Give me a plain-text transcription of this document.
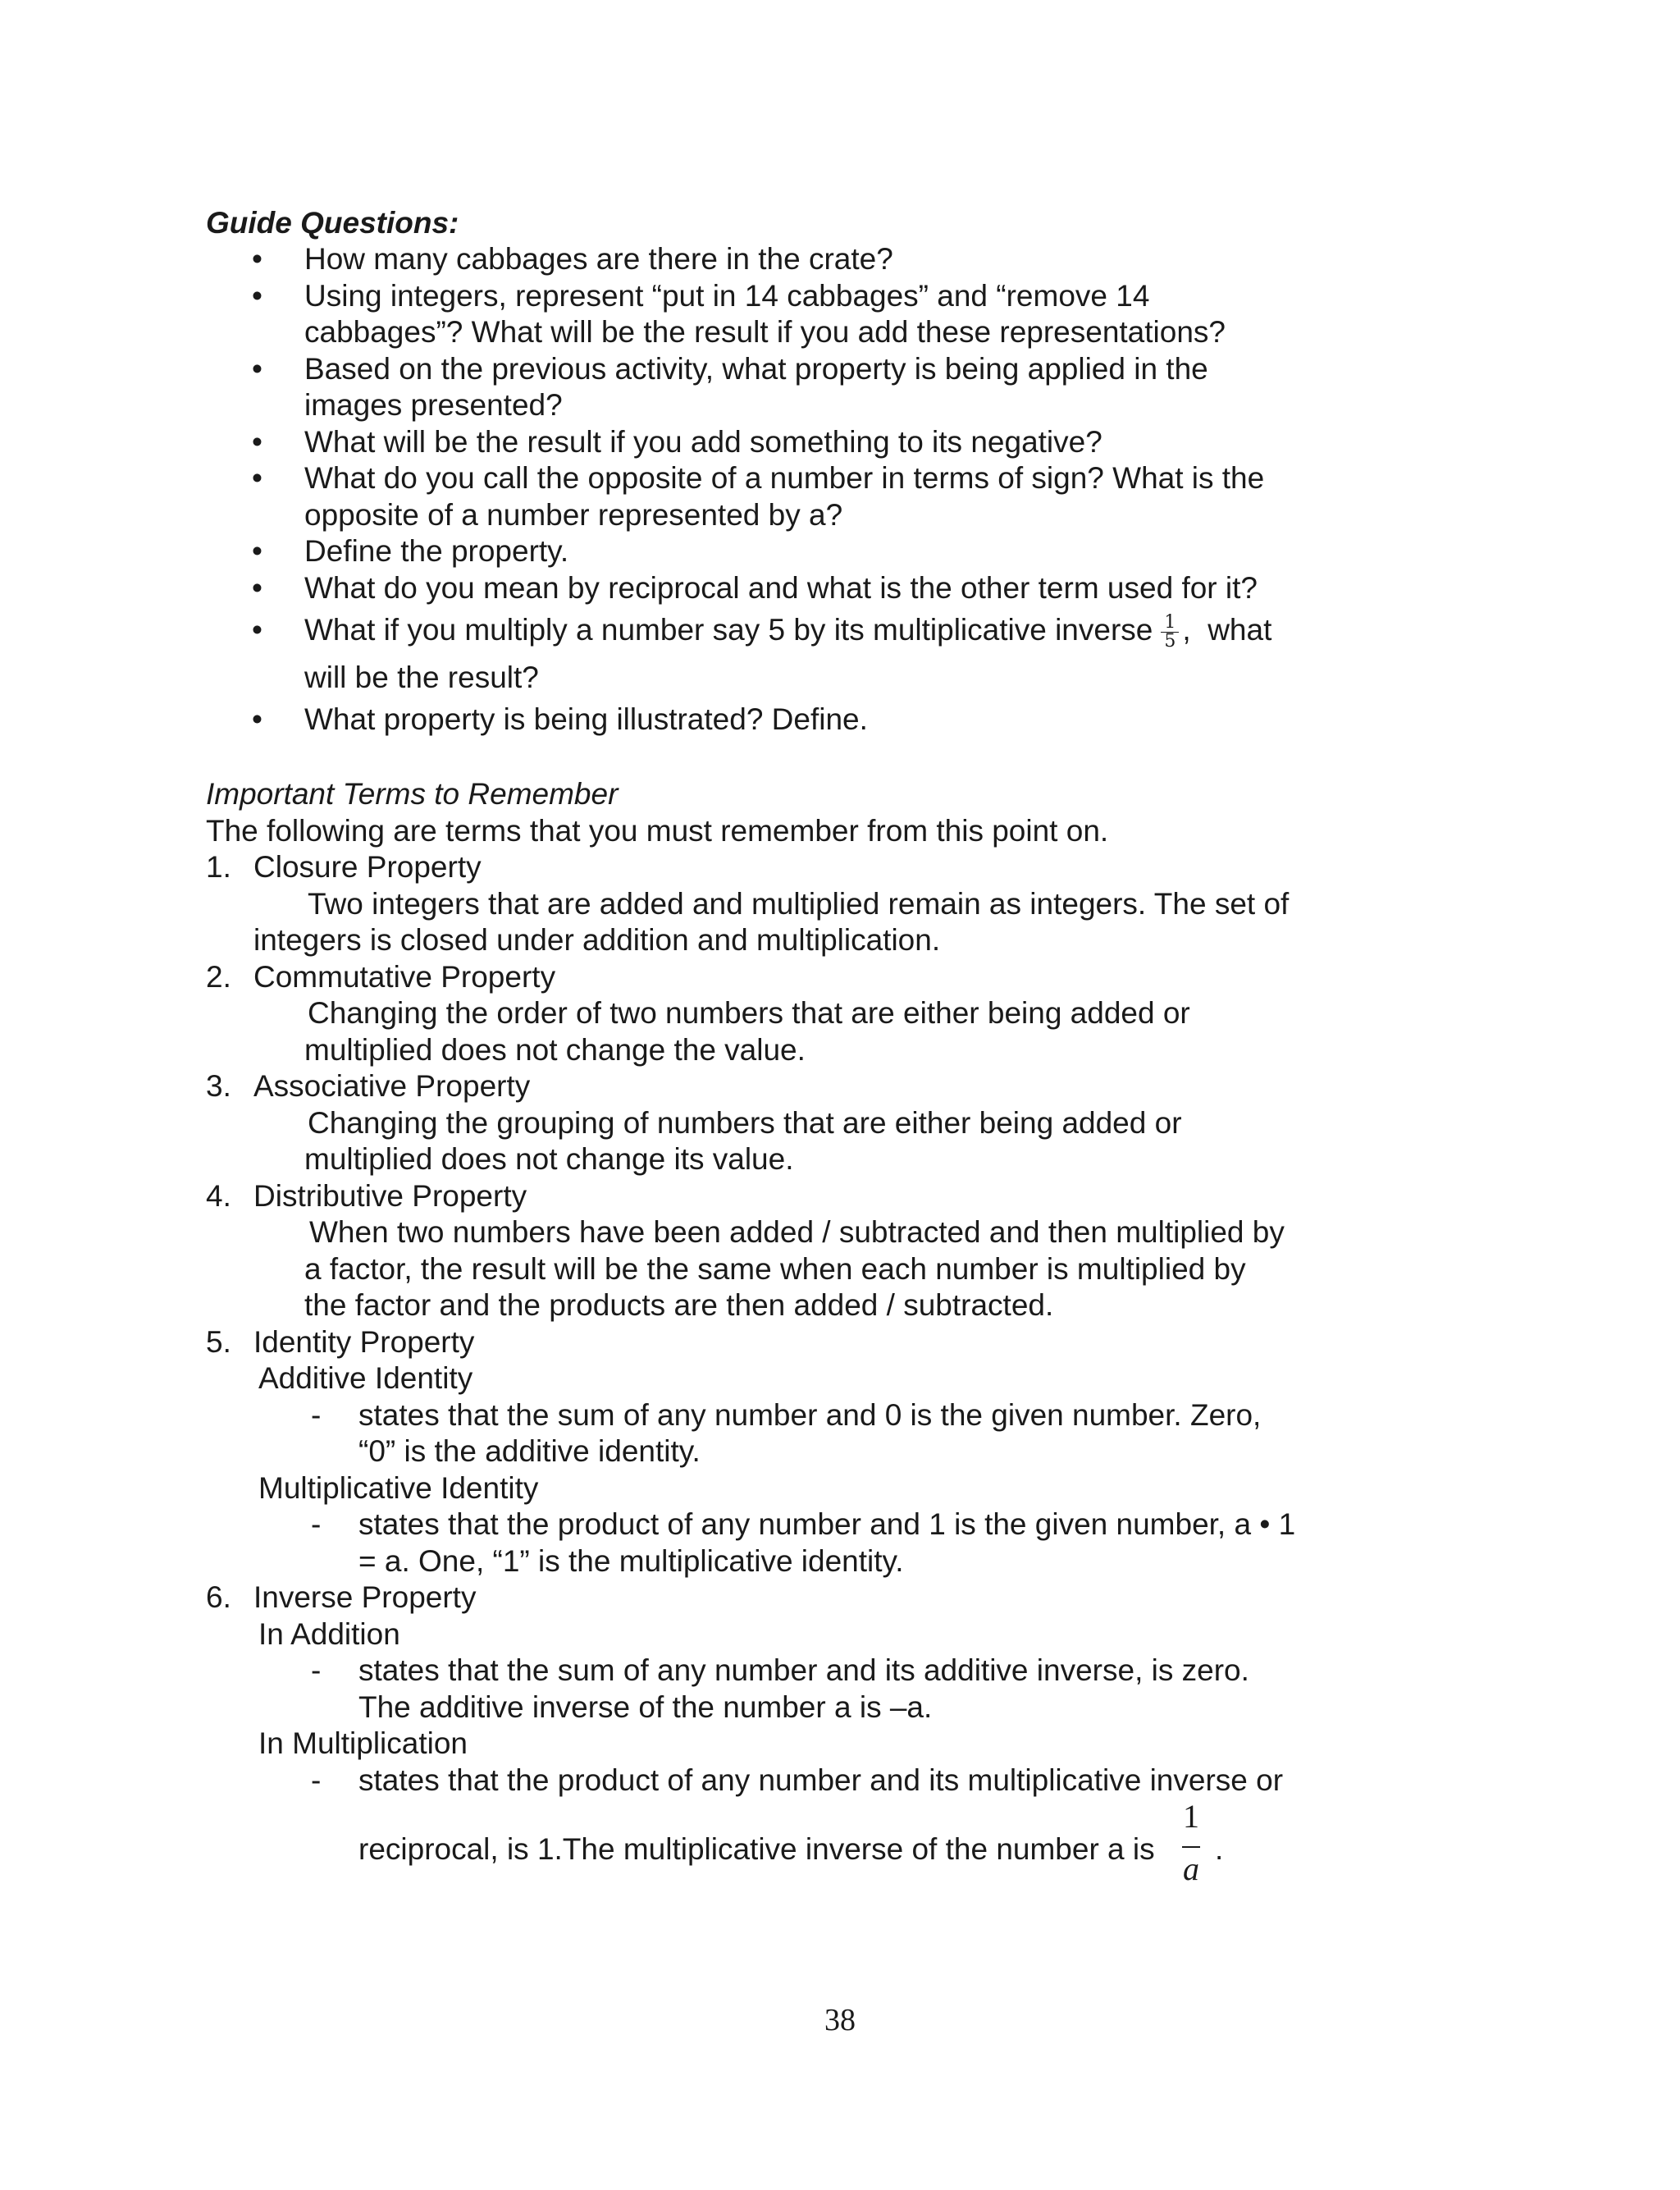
Guide Questions:
• How many cabbages are there in the crate?
• Using integers, represent “put in 14 cabbages” and “remove 14
cabbages”? What will be the result if you add these representations?
• Based on the previous activity, what property is being applied in the
images presented?
• What will be the result if you add something to its negative?
• What do you call the opposite of a number in terms of sign? What is the
opposite of a number represented by a?
• Define the property.
• What do you mean by reciprocal and what is the other term used for it?
• What if you multiply a number say 5 by its multiplicative inverse $\frac{1}{5}$ , what
will be the result?
• What property is being illustrated? Define.
Important Terms to Remember
The following are terms that you must remember from this point on.
1. Closure Property
Two integers that are added and multiplied remain as integers. The set of
integers is closed under addition and multiplication.
2. Commutative Property
Changing the order of two numbers that are either being added or
multiplied does not change the value.
3. Associative Property
Changing the grouping of numbers that are either being added or
multiplied does not change its value.
4. Distributive Property
When two numbers have been added / subtracted and then multiplied by
a factor, the result will be the same when each number is multiplied by
the factor and the products are then added / subtracted.
5. Identity Property
Additive Identity
- states that the sum of any number and 0 is the given number. Zero,
“0” is the additive identity.
Multiplicative Identity
- states that the product of any number and 1 is the given number, a • 1
= a. One, “1” is the multiplicative identity.
6. Inverse Property
In Addition
- states that the sum of any number and its additive inverse, is zero.
The additive inverse of the number a is –a.
In Multiplication
- states that the product of any number and its multiplicative inverse or
reciprocal, is 1.The multiplicative inverse of the number a is
1
a
.
38
